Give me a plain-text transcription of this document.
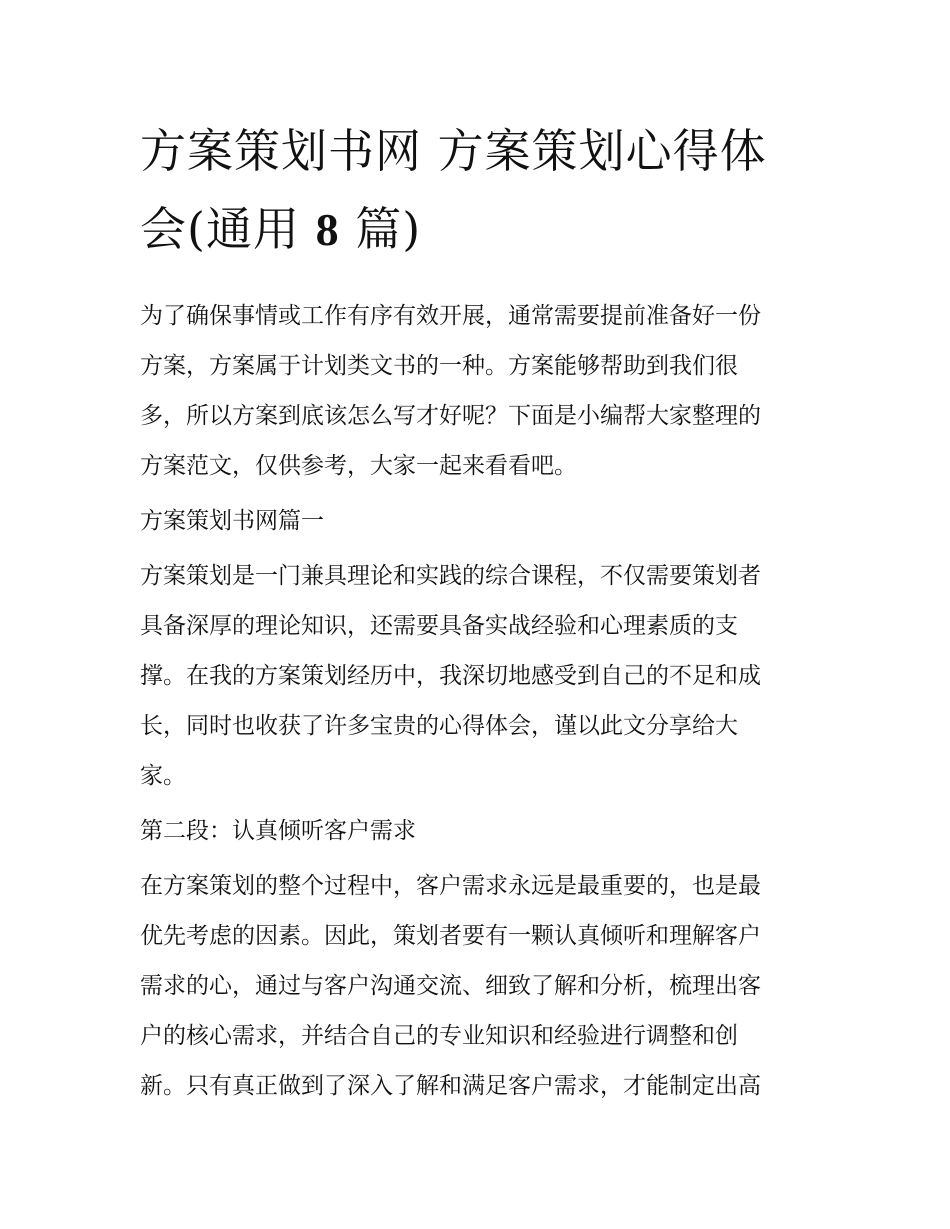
方案策划书网 方案策划心得体
会(通用 8 篇)

为了确保事情或工作有序有效开展，通常需要提前准备好一份
方案，方案属于计划类文书的一种。方案能够帮助到我们很
多，所以方案到底该怎么写才好呢？下面是小编帮大家整理的
方案范文，仅供参考，大家一起来看看吧。

方案策划书网篇一

方案策划是一门兼具理论和实践的综合课程，不仅需要策划者
具备深厚的理论知识，还需要具备实战经验和心理素质的支
撑。在我的方案策划经历中，我深切地感受到自己的不足和成
长，同时也收获了许多宝贵的心得体会，谨以此文分享给大
家。

第二段：认真倾听客户需求

在方案策划的整个过程中，客户需求永远是最重要的，也是最
优先考虑的因素。因此，策划者要有一颗认真倾听和理解客户
需求的心，通过与客户沟通交流、细致了解和分析，梳理出客
户的核心需求，并结合自己的专业知识和经验进行调整和创
新。只有真正做到了深入了解和满足客户需求，才能制定出高
